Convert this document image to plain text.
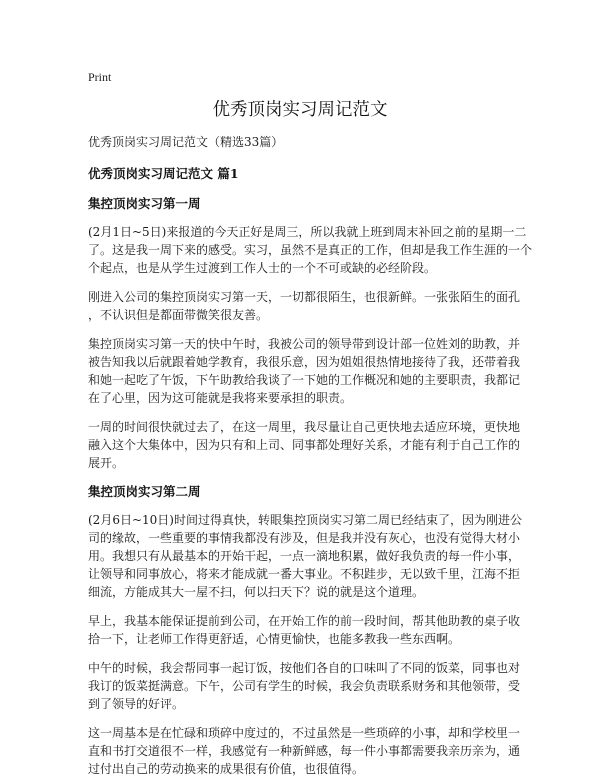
Print
优秀顶岗实习周记范文

优秀顶岗实习周记范文（精选33篇）

优秀顶岗实习周记范文 篇1
集控顶岗实习第一周

(2月1日~5日)来报道的今天正好是周三，所以我就上班到周末补回之前的星期一二
了。这是我一周下来的感受。实习，虽然不是真正的工作，但却是我工作生涯的一个
个起点，也是从学生过渡到工作人士的一个不可或缺的必经阶段。

刚进入公司的集控顶岗实习第一天，一切都很陌生，也很新鲜。一张张陌生的面孔
，不认识但是都面带微笑很友善。

集控顶岗实习第一天的快中午时，我被公司的领导带到设计部一位姓刘的助教，并
被告知我以后就跟着她学教育，我很乐意，因为姐姐很热情地接待了我，还带着我
和她一起吃了午饭，下午助教给我谈了一下她的工作概况和她的主要职责，我都记
在了心里，因为这可能就是我将来要承担的职责。

一周的时间很快就过去了，在这一周里，我尽量让自己更快地去适应环境，更快地
融入这个大集体中，因为只有和上司、同事都处理好关系，才能有利于自己工作的
展开。

集控顶岗实习第二周

(2月6日~10日)时间过得真快，转眼集控顶岗实习第二周已经结束了，因为刚进公
司的缘故，一些重要的事情我都没有涉及，但是我并没有灰心，也没有觉得大材小
用。我想只有从最基本的开始干起，一点一滴地积累，做好我负责的每一件小事，
让领导和同事放心，将来才能成就一番大事业。不积跬步，无以致千里，江海不拒
细流，方能成其大一屋不扫，何以扫天下？说的就是这个道理。

早上，我基本能保证提前到公司，在开始工作的前一段时间，帮其他助教的桌子收
拾一下，让老师工作得更舒适，心情更愉快，也能多教我一些东西啊。

中午的时候，我会帮同事一起订饭，按他们各自的口味叫了不同的饭菜，同事也对
我订的饭菜挺满意。下午，公司有学生的时候，我会负责联系财务和其他领带，受
到了领导的好评。

这一周基本是在忙碌和琐碎中度过的，不过虽然是一些琐碎的小事，却和学校里一
直和书打交道很不一样，我感觉有一种新鲜感，每一件小事都需要我亲历亲为，通
过付出自己的劳动换来的成果很有价值，也很值得。
